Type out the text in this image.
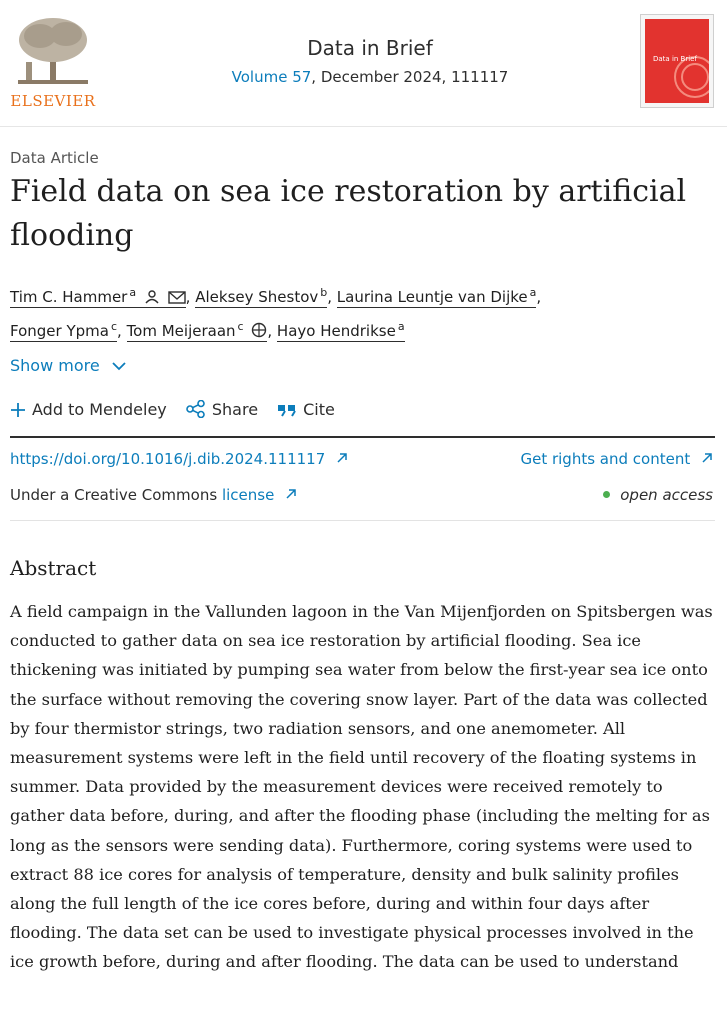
ELSEVIER
Data in Brief
Volume 57, December 2024, 111117
Data in Brief
Data Article
Field data on sea ice restoration by artificial flooding
Tim C. Hammer $^a$	, Aleksey Shestov $^b$, Laurina Leuntje van Dijke $^a$,
Fonger Ypma $^c$, Tom Meijeraan $^c$ , Hayo Hendrikse $^a$
Show more
Add to Mendeley	Share	Cite
https://doi.org/10.1016/j.dib.2024.111117	Get rights and content
Under a Creative Commons license	open access
Abstract

A field campaign in the Vallunden lagoon in the Van Mijenfjorden on Spitsbergen was conducted to gather data on sea ice restoration by artificial flooding. Sea ice thickening was initiated by pumping sea water from below the first-year sea ice onto the surface without removing the covering snow layer. Part of the data was collected by four thermistor strings, two radiation sensors, and one anemometer. All measurement systems were left in the field until recovery of the floating systems in summer. Data provided by the measurement devices were received remotely to gather data before, during, and after the flooding phase (including the melting for as long as the sensors were sending data). Furthermore, coring systems were used to extract 88 ice cores for analysis of temperature, density and bulk salinity profiles along the full length of the ice cores before, during and within four days after flooding. The data set can be used to investigate physical processes involved in the ice growth before, during and after flooding. The data can be used to understand
